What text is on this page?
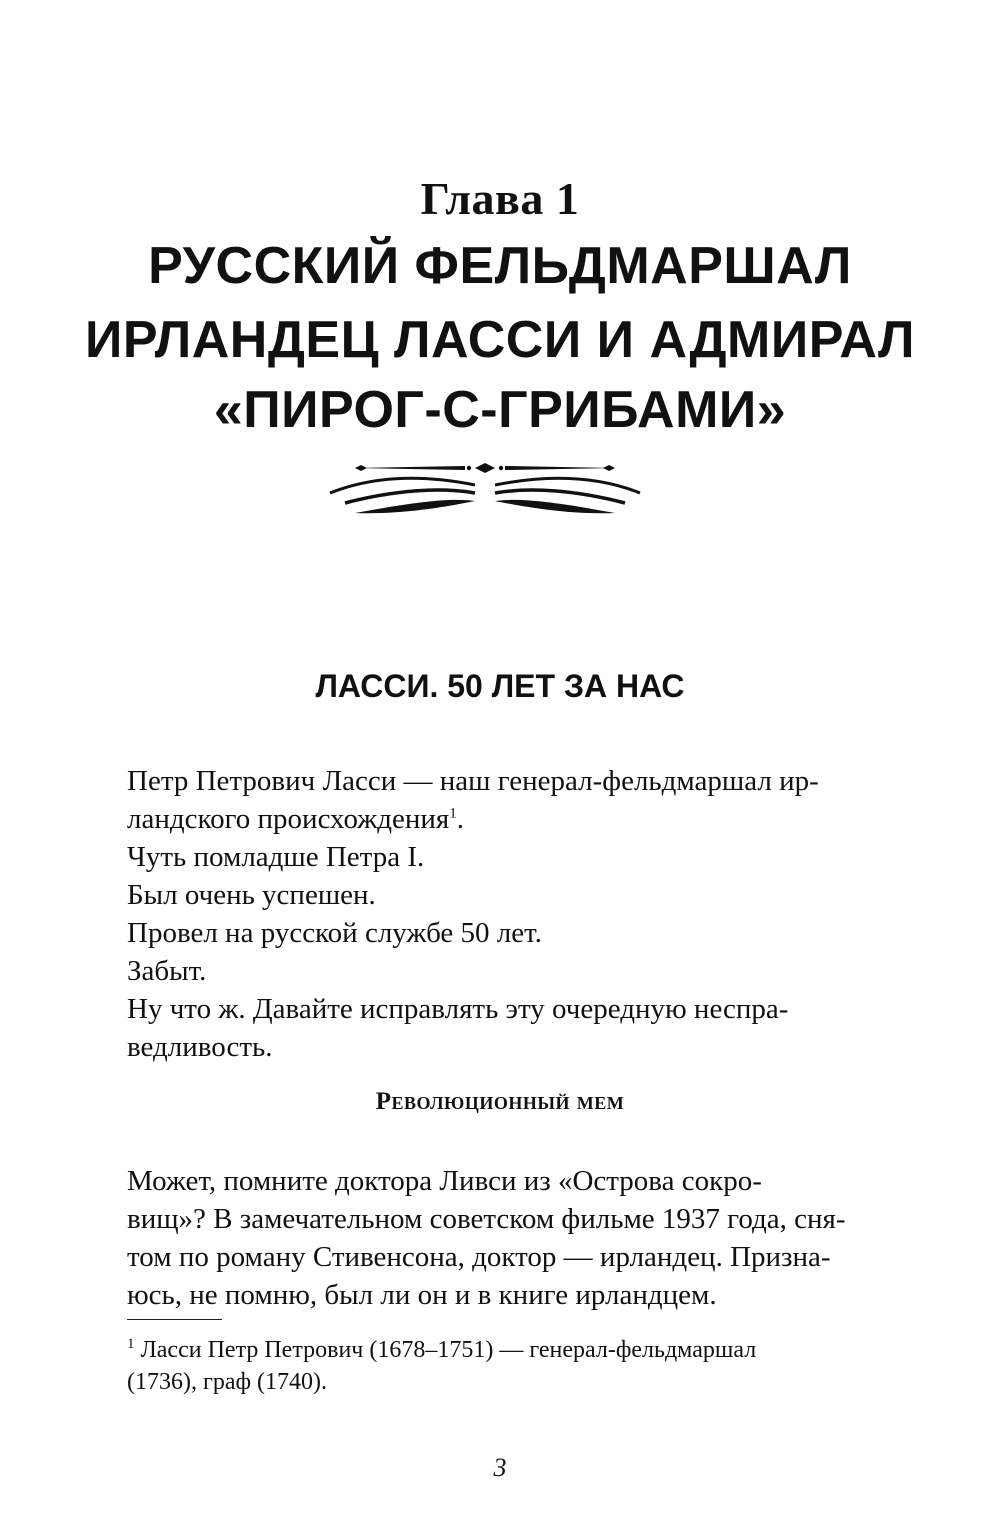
Глава 1
РУССКИЙ ФЕЛЬДМАРШАЛ
ИРЛАНДЕЦ ЛАССИ И АДМИРАЛ
«ПИРОГ-С-ГРИБАМИ»
ЛАССИ. 50 ЛЕТ ЗА НАС
Петр Петрович Ласси — наш генерал-фельдмаршал ир-
ландского происхождения$^1$.
Чуть помладше Петра I.
Был очень успешен.
Провел на русской службе 50 лет.
Забыт.
Ну что ж. Давайте исправлять эту очередную неспра-
ведливость.
Революционный мем
Может, помните доктора Ливси из «Острова сокро-
вищ»? В замечательном советском фильме 1937 года, сня-
том по роману Стивенсона, доктор — ирландец. Призна-
юсь, не помню, был ли он и в книге ирландцем.
$^1$ Ласси Петр Петрович (1678–1751) — генерал-фельдмаршал
(1736), граф (1740).
3
